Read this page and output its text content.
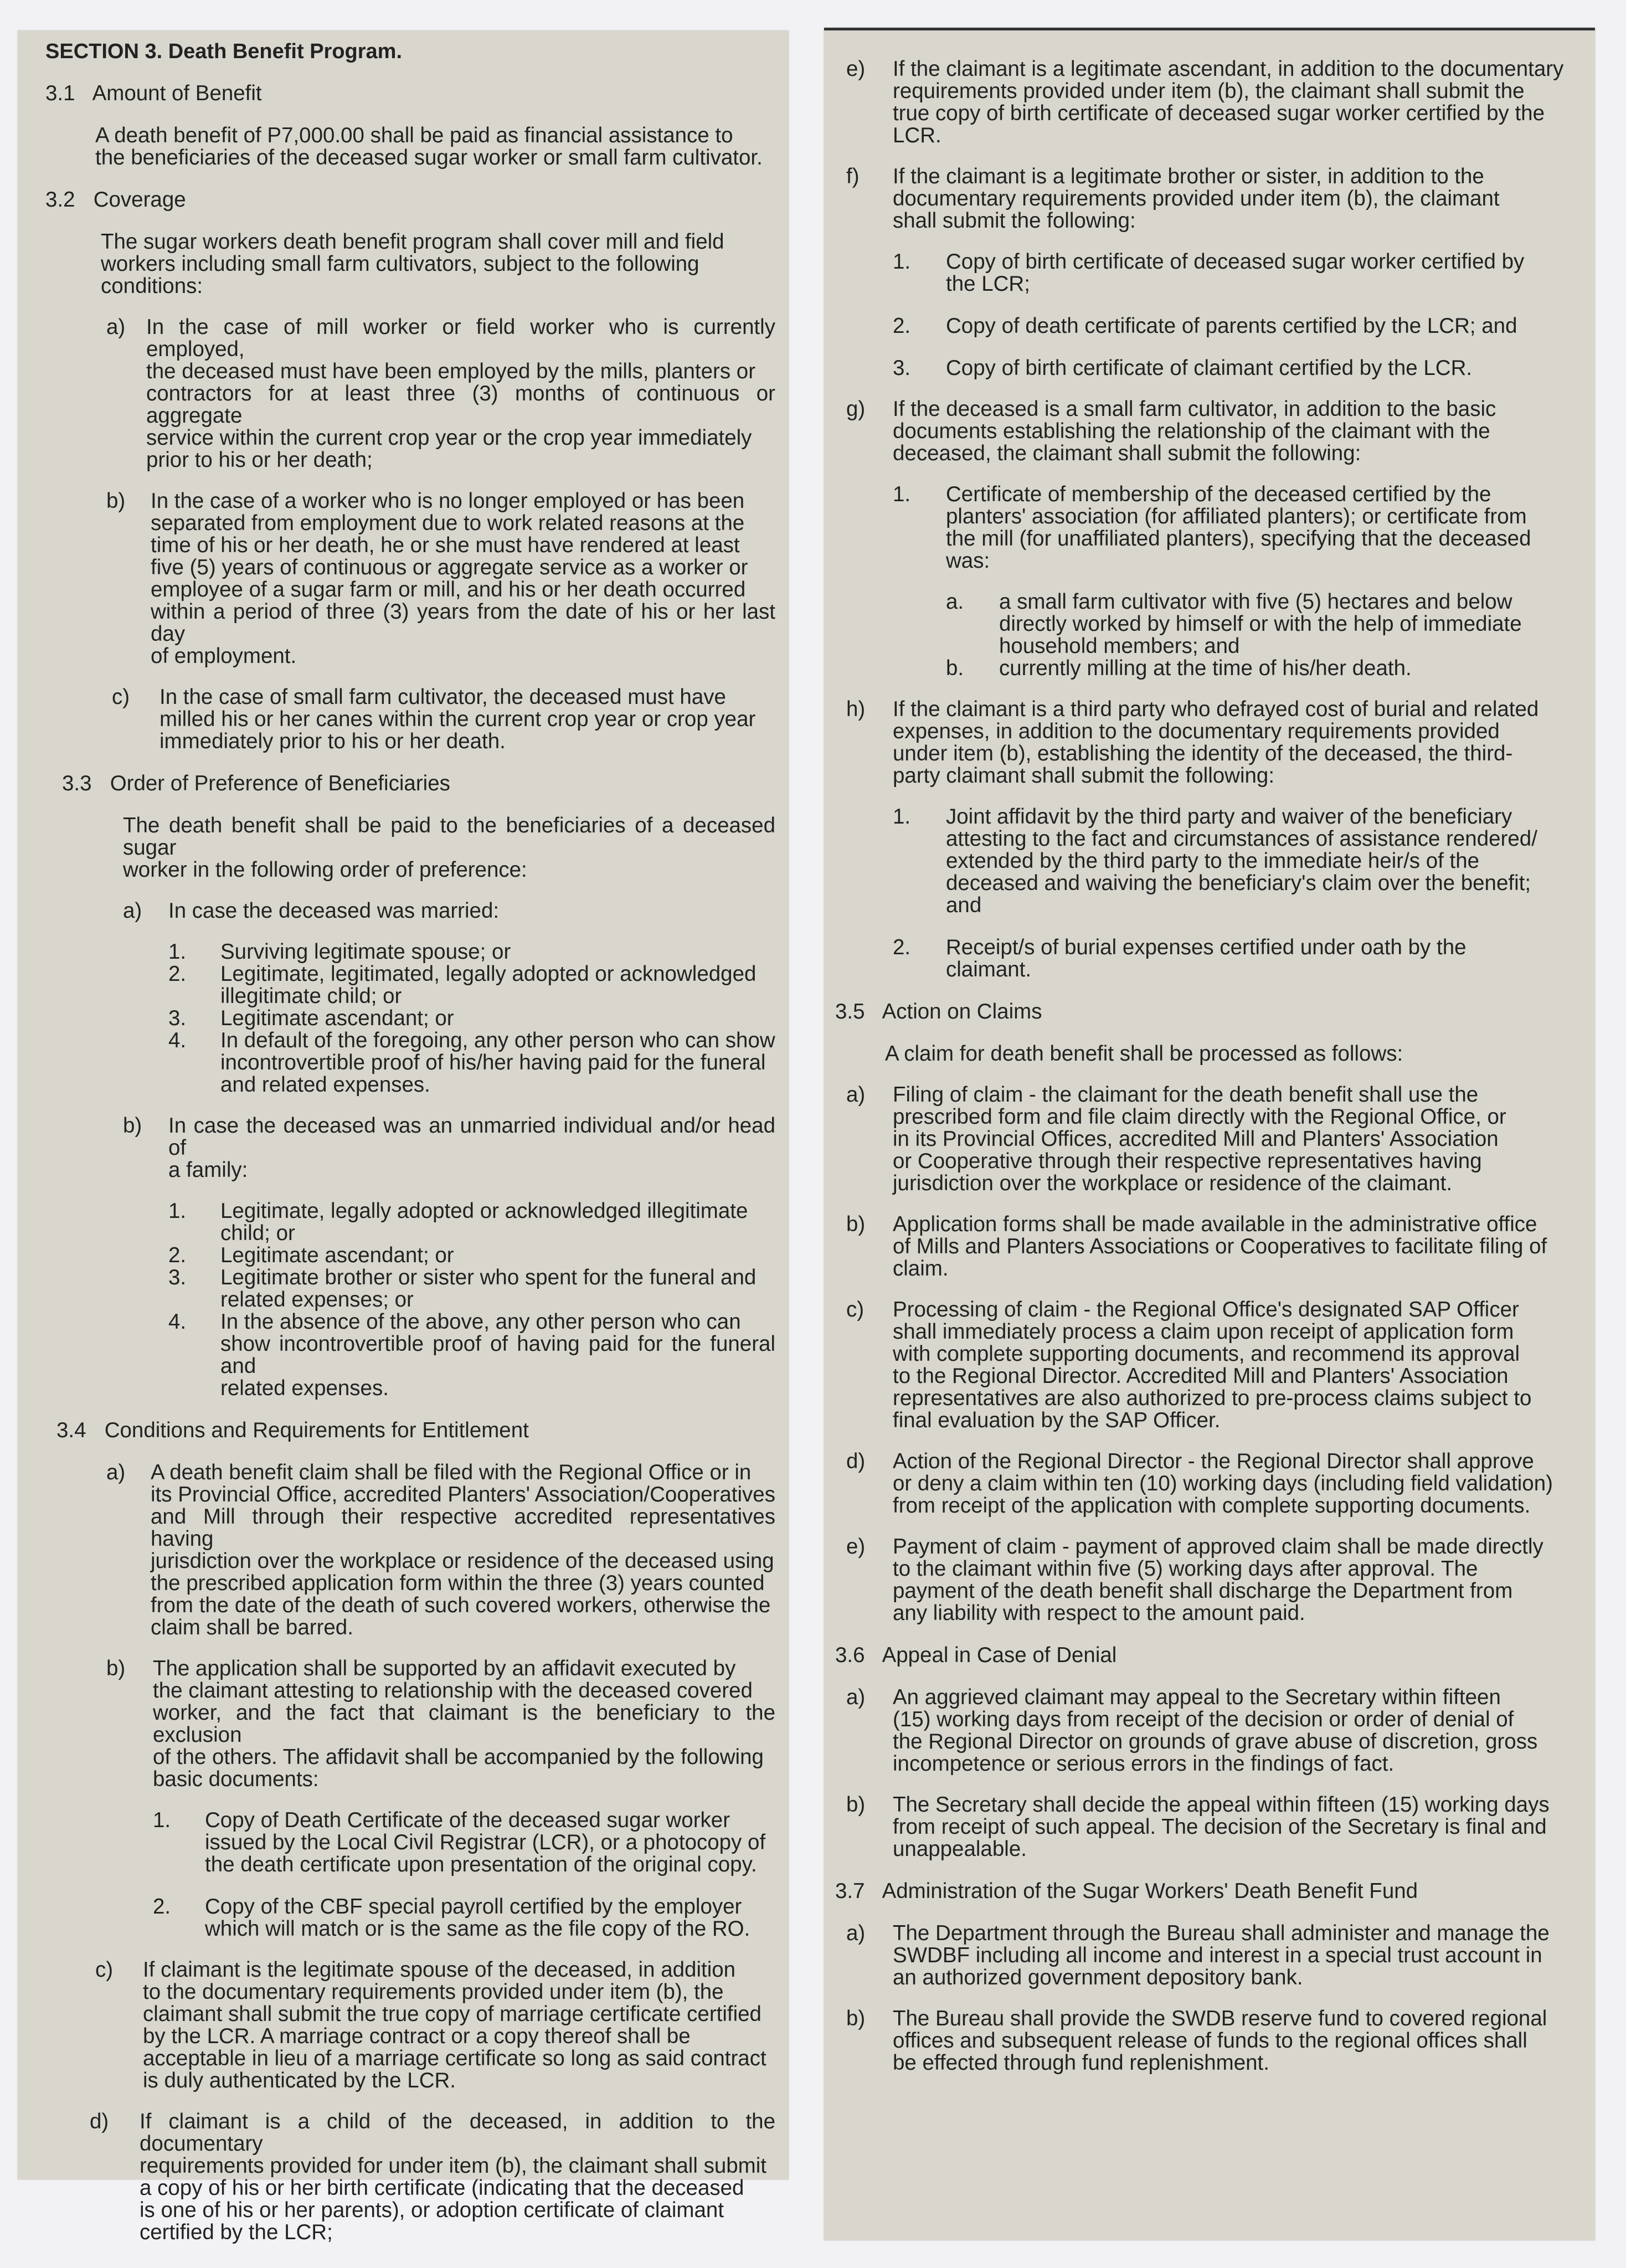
SECTION 3. Death Benefit Program.
3.1 Amount of Benefit

A death benefit of P7,000.00 shall be paid as financial assistance to
the beneficiaries of the deceased sugar worker or small farm cultivator.

3.2 Coverage

The sugar workers death benefit program shall cover mill and field
workers including small farm cultivators, subject to the following
conditions:

a) In the case of mill worker or field worker who is currently employed,
the deceased must have been employed by the mills, planters or
contractors for at least three (3) months of continuous or aggregate
service within the current crop year or the crop year immediately
prior to his or her death;
b)	In the case of a worker who is no longer employed or has been
separated from employment due to work related reasons at the
time of his or her death, he or she must have rendered at least
five (5) years of continuous or aggregate service as a worker or
employee of a sugar farm or mill, and his or her death occurred
within a period of three (3) years from the date of his or her last day
of employment.
c)	In the case of small farm cultivator, the deceased must have
milled his or her canes within the current crop year or crop year
immediately prior to his or her death.
3.3 Order of Preference of Beneficiaries

The death benefit shall be paid to the beneficiaries of a deceased sugar
worker in the following order of preference:

a)	In case the deceased was married:
1.	Surviving legitimate spouse; or
2.	Legitimate, legitimated, legally adopted or acknowledged
illegitimate child; or
3.	Legitimate ascendant; or
4.	In default of the foregoing, any other person who can show
incontrovertible proof of his/her having paid for the funeral
and related expenses.
b)	In case the deceased was an unmarried individual and/or head of
a family:
1.	Legitimate, legally adopted or acknowledged illegitimate
child; or
2.	Legitimate ascendant; or
3.	Legitimate brother or sister who spent for the funeral and
related expenses; or
4.	In the absence of the above, any other person who can
show incontrovertible proof of having paid for the funeral and
related expenses.
3.4 Conditions and Requirements for Entitlement
a)	A death benefit claim shall be filed with the Regional Office or in
its Provincial Office, accredited Planters' Association/Cooperatives
and Mill through their respective accredited representatives having
jurisdiction over the workplace or residence of the deceased using
the prescribed application form within the three (3) years counted
from the date of the death of such covered workers, otherwise the
claim shall be barred.
b)	The application shall be supported by an affidavit executed by
the claimant attesting to relationship with the deceased covered
worker, and the fact that claimant is the beneficiary to the exclusion
of the others. The affidavit shall be accompanied by the following
basic documents:
1.	Copy of Death Certificate of the deceased sugar worker
issued by the Local Civil Registrar (LCR), or a photocopy of
the death certificate upon presentation of the original copy.
2.	Copy of the CBF special payroll certified by the employer
which will match or is the same as the file copy of the RO.
c)	If claimant is the legitimate spouse of the deceased, in addition
to the documentary requirements provided under item (b), the
claimant shall submit the true copy of marriage certificate certified
by the LCR. A marriage contract or a copy thereof shall be
acceptable in lieu of a marriage certificate so long as said contract
is duly authenticated by the LCR.
d)	If claimant is a child of the deceased, in addition to the documentary
requirements provided for under item (b), the claimant shall submit
a copy of his or her birth certificate (indicating that the deceased
is one of his or her parents), or adoption certificate of claimant
certified by the LCR;
e)	If the claimant is a legitimate ascendant, in addition to the documentary
requirements provided under item (b), the claimant shall submit the
true copy of birth certificate of deceased sugar worker certified by the
LCR.
f)	If the claimant is a legitimate brother or sister, in addition to the
documentary requirements provided under item (b), the claimant
shall submit the following:
1.	Copy of birth certificate of deceased sugar worker certified by
the LCR;
2.	Copy of death certificate of parents certified by the LCR; and
3.	Copy of birth certificate of claimant certified by the LCR.
g)	If the deceased is a small farm cultivator, in addition to the basic
documents establishing the relationship of the claimant with the
deceased, the claimant shall submit the following:
1.	Certificate of membership of the deceased certified by the
planters' association (for affiliated planters); or certificate from
the mill (for unaffiliated planters), specifying that the deceased
was:
a.	a small farm cultivator with five (5) hectares and below
directly worked by himself or with the help of immediate
household members; and
b.	currently milling at the time of his/her death.
h)	If the claimant is a third party who defrayed cost of burial and related
expenses, in addition to the documentary requirements provided
under item (b), establishing the identity of the deceased, the third-
party claimant shall submit the following:
1.	Joint affidavit by the third party and waiver of the beneficiary
attesting to the fact and circumstances of assistance rendered/
extended by the third party to the immediate heir/s of the
deceased and waiving the beneficiary's claim over the benefit;
and
2.	Receipt/s of burial expenses certified under oath by the
claimant.
3.5 Action on Claims

A claim for death benefit shall be processed as follows:

a)	Filing of claim - the claimant for the death benefit shall use the
prescribed form and file claim directly with the Regional Office, or
in its Provincial Offices, accredited Mill and Planters' Association
or Cooperative through their respective representatives having
jurisdiction over the workplace or residence of the claimant.
b)	Application forms shall be made available in the administrative office
of Mills and Planters Associations or Cooperatives to facilitate filing of
claim.
c)	Processing of claim - the Regional Office's designated SAP Officer
shall immediately process a claim upon receipt of application form
with complete supporting documents, and recommend its approval
to the Regional Director. Accredited Mill and Planters' Association
representatives are also authorized to pre-process claims subject to
final evaluation by the SAP Officer.
d)	Action of the Regional Director - the Regional Director shall approve
or deny a claim within ten (10) working days (including field validation)
from receipt of the application with complete supporting documents.
e)	Payment of claim - payment of approved claim shall be made directly
to the claimant within five (5) working days after approval. The
payment of the death benefit shall discharge the Department from
any liability with respect to the amount paid.
3.6 Appeal in Case of Denial
a)	An aggrieved claimant may appeal to the Secretary within fifteen
(15) working days from receipt of the decision or order of denial of
the Regional Director on grounds of grave abuse of discretion, gross
incompetence or serious errors in the findings of fact.
b)	The Secretary shall decide the appeal within fifteen (15) working days
from receipt of such appeal. The decision of the Secretary is final and
unappealable.
3.7 Administration of the Sugar Workers' Death Benefit Fund
a)	The Department through the Bureau shall administer and manage the
SWDBF including all income and interest in a special trust account in
an authorized government depository bank.
b)	The Bureau shall provide the SWDB reserve fund to covered regional
offices and subsequent release of funds to the regional offices shall
be effected through fund replenishment.
